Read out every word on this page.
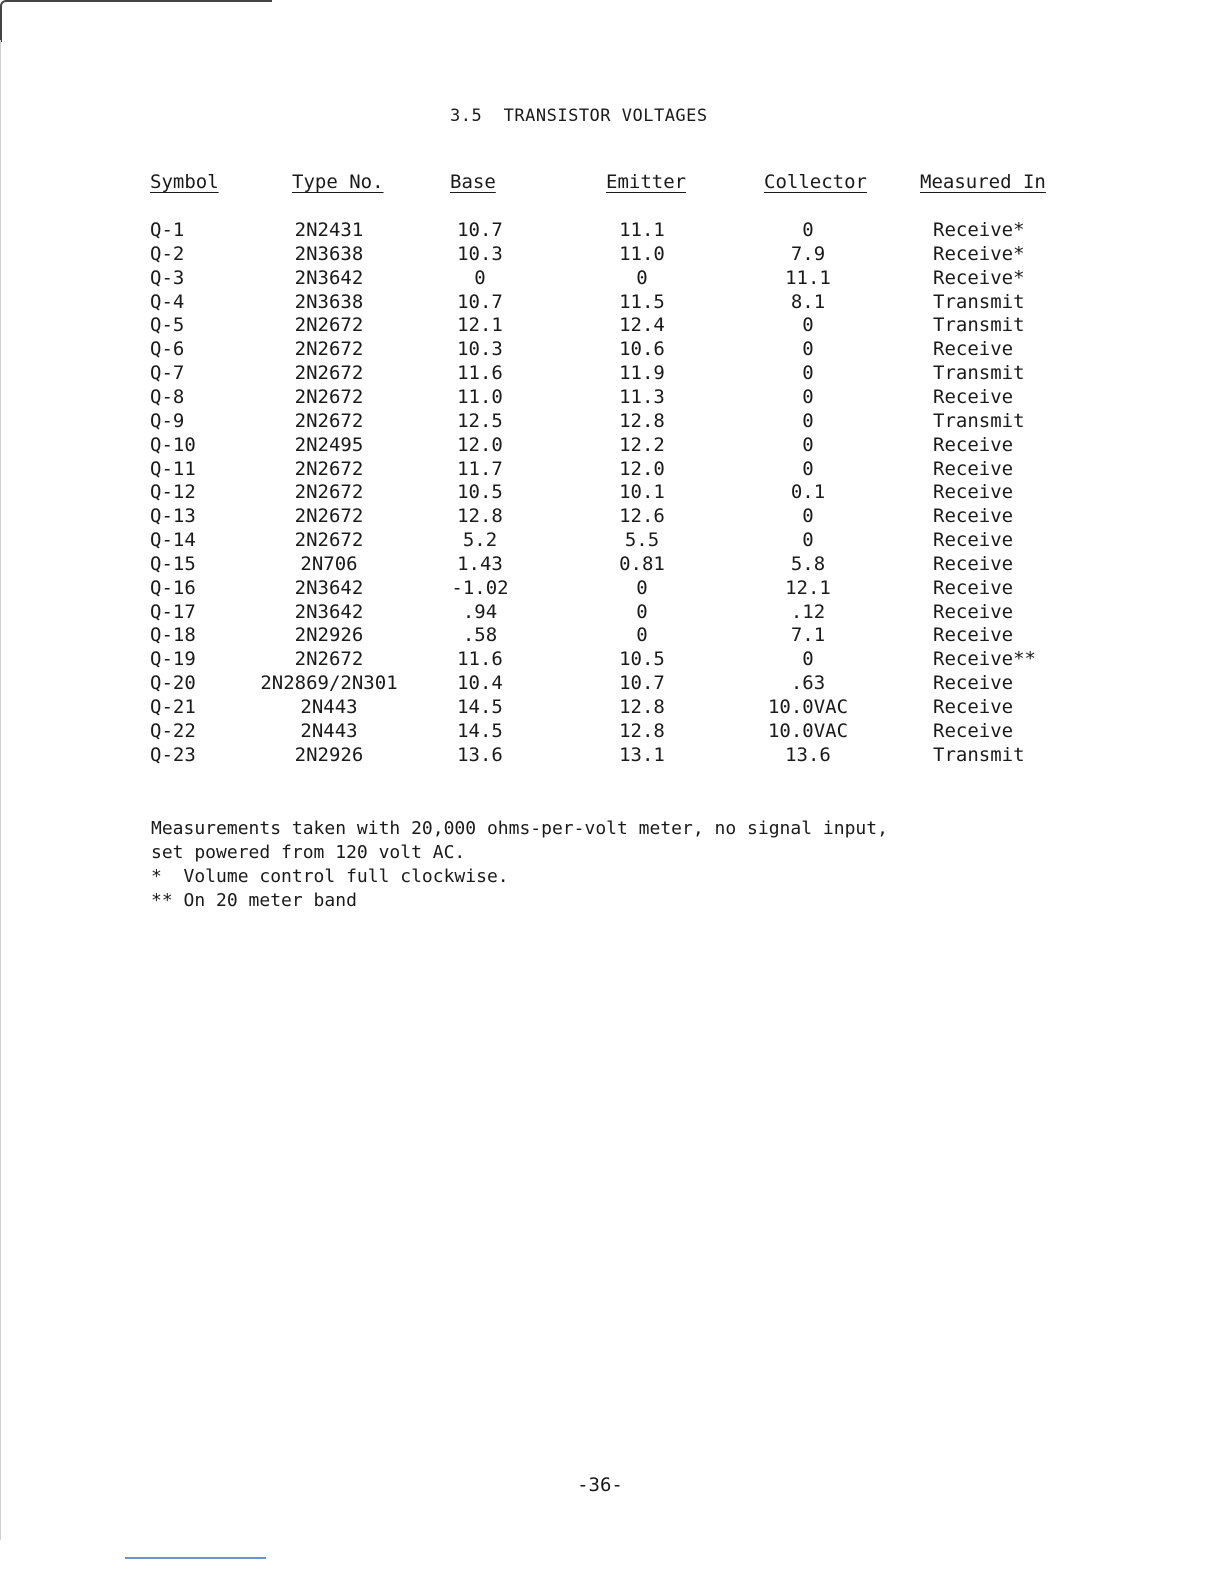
3.5  TRANSISTOR VOLTAGES
Symbol	Type No.	Base	Emitter	Collector	Measured In
Q-1	2N2431	10.7	11.1	0	Receive*
Q-2	2N3638	10.3	11.0	7.9	Receive*
Q-3	2N3642	0	0	11.1	Receive*
Q-4	2N3638	10.7	11.5	8.1	Transmit
Q-5	2N2672	12.1	12.4	0	Transmit
Q-6	2N2672	10.3	10.6	0	Receive
Q-7	2N2672	11.6	11.9	0	Transmit
Q-8	2N2672	11.0	11.3	0	Receive
Q-9	2N2672	12.5	12.8	0	Transmit
Q-10	2N2495	12.0	12.2	0	Receive
Q-11	2N2672	11.7	12.0	0	Receive
Q-12	2N2672	10.5	10.1	0.1	Receive
Q-13	2N2672	12.8	12.6	0	Receive
Q-14	2N2672	5.2	5.5	0	Receive
Q-15	2N706	1.43	0.81	5.8	Receive
Q-16	2N3642	-1.02	0	12.1	Receive
Q-17	2N3642	.94	0	.12	Receive
Q-18	2N2926	.58	0	7.1	Receive
Q-19	2N2672	11.6	10.5	0	Receive**
Q-20	2N2869/2N301	10.4	10.7	.63	Receive
Q-21	2N443	14.5	12.8	10.0VAC	Receive
Q-22	2N443	14.5	12.8	10.0VAC	Receive
Q-23	2N2926	13.6	13.1	13.6	Transmit
Measurements taken with 20,000 ohms-per-volt meter, no signal input,
set powered from 120 volt AC.
*  Volume control full clockwise.
** On 20 meter band
-36-
